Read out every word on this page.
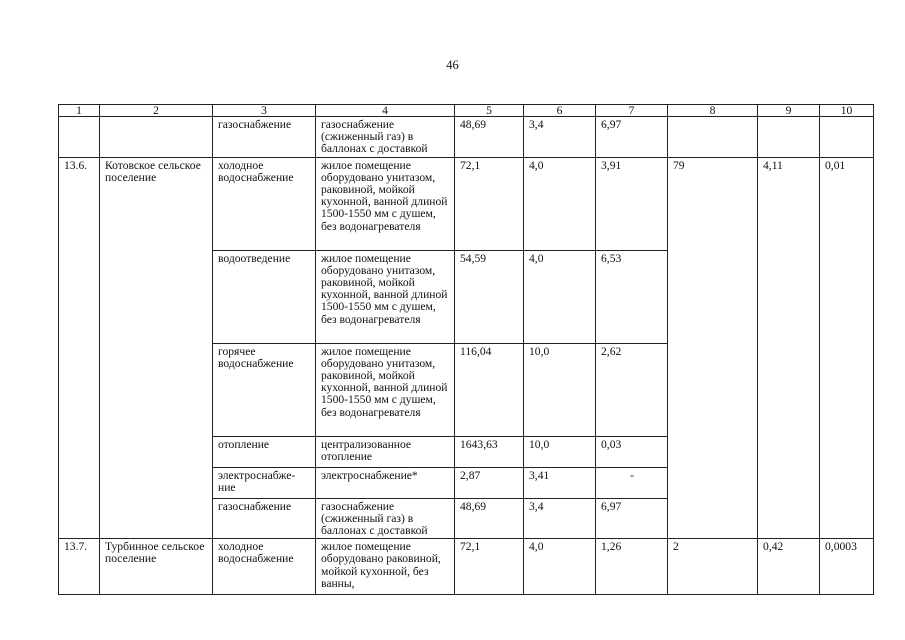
46
1	2	3	4	5	6	7	8	9	10
		газоснабжение	газоснабжение (сжиженный газ) в баллонах с доставкой	48,69	3,4	6,97			
13.6.	Котовское сельское поселение	холодное водоснабжение	жилое помещение оборудовано унитазом, раковиной, мойкой кухонной, ванной длиной 1500-1550 мм с душем, без водонагревателя	72,1	4,0	3,91	79	4,11	0,01
		водоотведение	жилое помещение оборудовано унитазом, раковиной, мойкой кухонной, ванной длиной 1500-1550 мм с душем, без водонагревателя	54,59	4,0	6,53			
		горячее водоснабжение	жилое помещение оборудовано унитазом, раковиной, мойкой кухонной, ванной длиной 1500-1550 мм с душем, без водонагревателя	116,04	10,0	2,62			
		отопление	централизованное отопление	1643,63	10,0	0,03			
		электроснабже-ние	электроснабжение*	2,87	3,41	-			
		газоснабжение	газоснабжение (сжиженный газ) в баллонах с доставкой	48,69	3,4	6,97			
13.7.	Турбинное сельское поселение	холодное водоснабжение	жилое помещение оборудовано раковиной, мойкой кухонной, без ванны,	72,1	4,0	1,26	2	0,42	0,0003
